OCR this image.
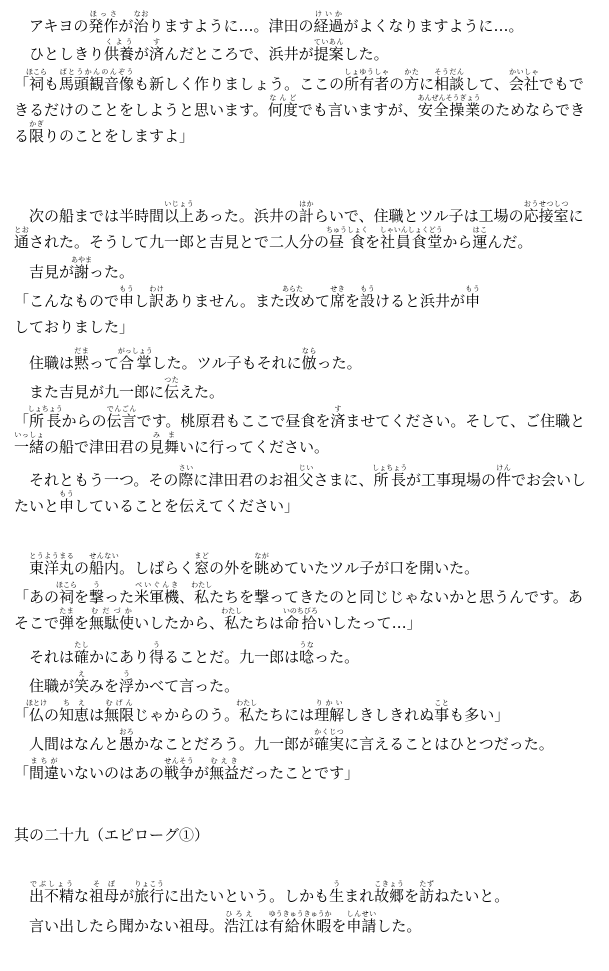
　アキヨの発作ほっさが治なおりますように…。津田の経過けいかがよくなりますように…。
　ひとしきり供養くようが済すんだところで、浜井が提案ていあんした。
「祠ほこらも馬頭観音像ばとうかんのんぞうも新しく作りましょう。ここの所有者しょゆうしゃの方かたに相談そうだんして、会社かいしゃでもできるだけのことをしようと思います。何度なんどでも言いますが、安全操業あんぜんそうぎょうのためならできる限かぎりのことをしますよ」
　次の船までは半時間以上いじょうあった。浜井の計はからいで、住職とツル子は工場の応接室おうせつしつに通とおされた。そうして九一郎と吉見とで二人分の昼食ちゅうしょくを社員食堂しゃいんしょくどうから運はこんだ。
　吉見が謝あやまった。
「こんなもので申もうし訳わけありません。また改あらためて席せきを設もうけると浜井が申もうしておりました」
　住職は黙だまって合掌がっしょうした。ツル子もそれに倣ならった。
　また吉見が九一郎に伝つたえた。
「所長しょちょうからの伝言でんごんです。桃原君もここで昼食を済すませてください。そして、ご住職と一緒いっしょの船で津田君の見舞みまいに行ってください。
　それともう一つ。その際さいに津田君のお祖父じいさまに、所長しょちょうが工事現場の件けんでお会いしたいと申もうしていることを伝えてください」
　東洋丸とうようまるの船内せんない。しばらく窓まどの外を眺ながめていたツル子が口を開いた。
「あの祠ほこらを撃うった米軍機べいぐんき、私わたしたちを撃ってきたのと同じじゃないかと思うんです。あそこで弾たまを無駄使むだづかいしたから、私わたしたちは命拾いのちびろいしたって…」
　それは確たしかにあり得うることだ。九一郎は唸うなった。
　住職が笑えみを浮うかべて言った。
「仏ほとけの知恵ちえは無限むげんじゃからのう。私わたしたちには理解りかいしきしきれぬ事ことも多い」
　人間はなんと愚おろかなことだろう。九一郎が確実かくじつに言えることはひとつだった。
「間違まちがいないのはあの戦争せんそうが無益むえきだったことです」
其の二十九（エピローグ①）
　出不精でぶしょうな祖母そぼが旅行りょこうに出たいという。しかも生うまれ故郷こきょうを訪たずねたいと。
　言い出したら聞かない祖母。浩江ひろえは有給休暇ゆうきゅうきゅうかを申請しんせいした。
